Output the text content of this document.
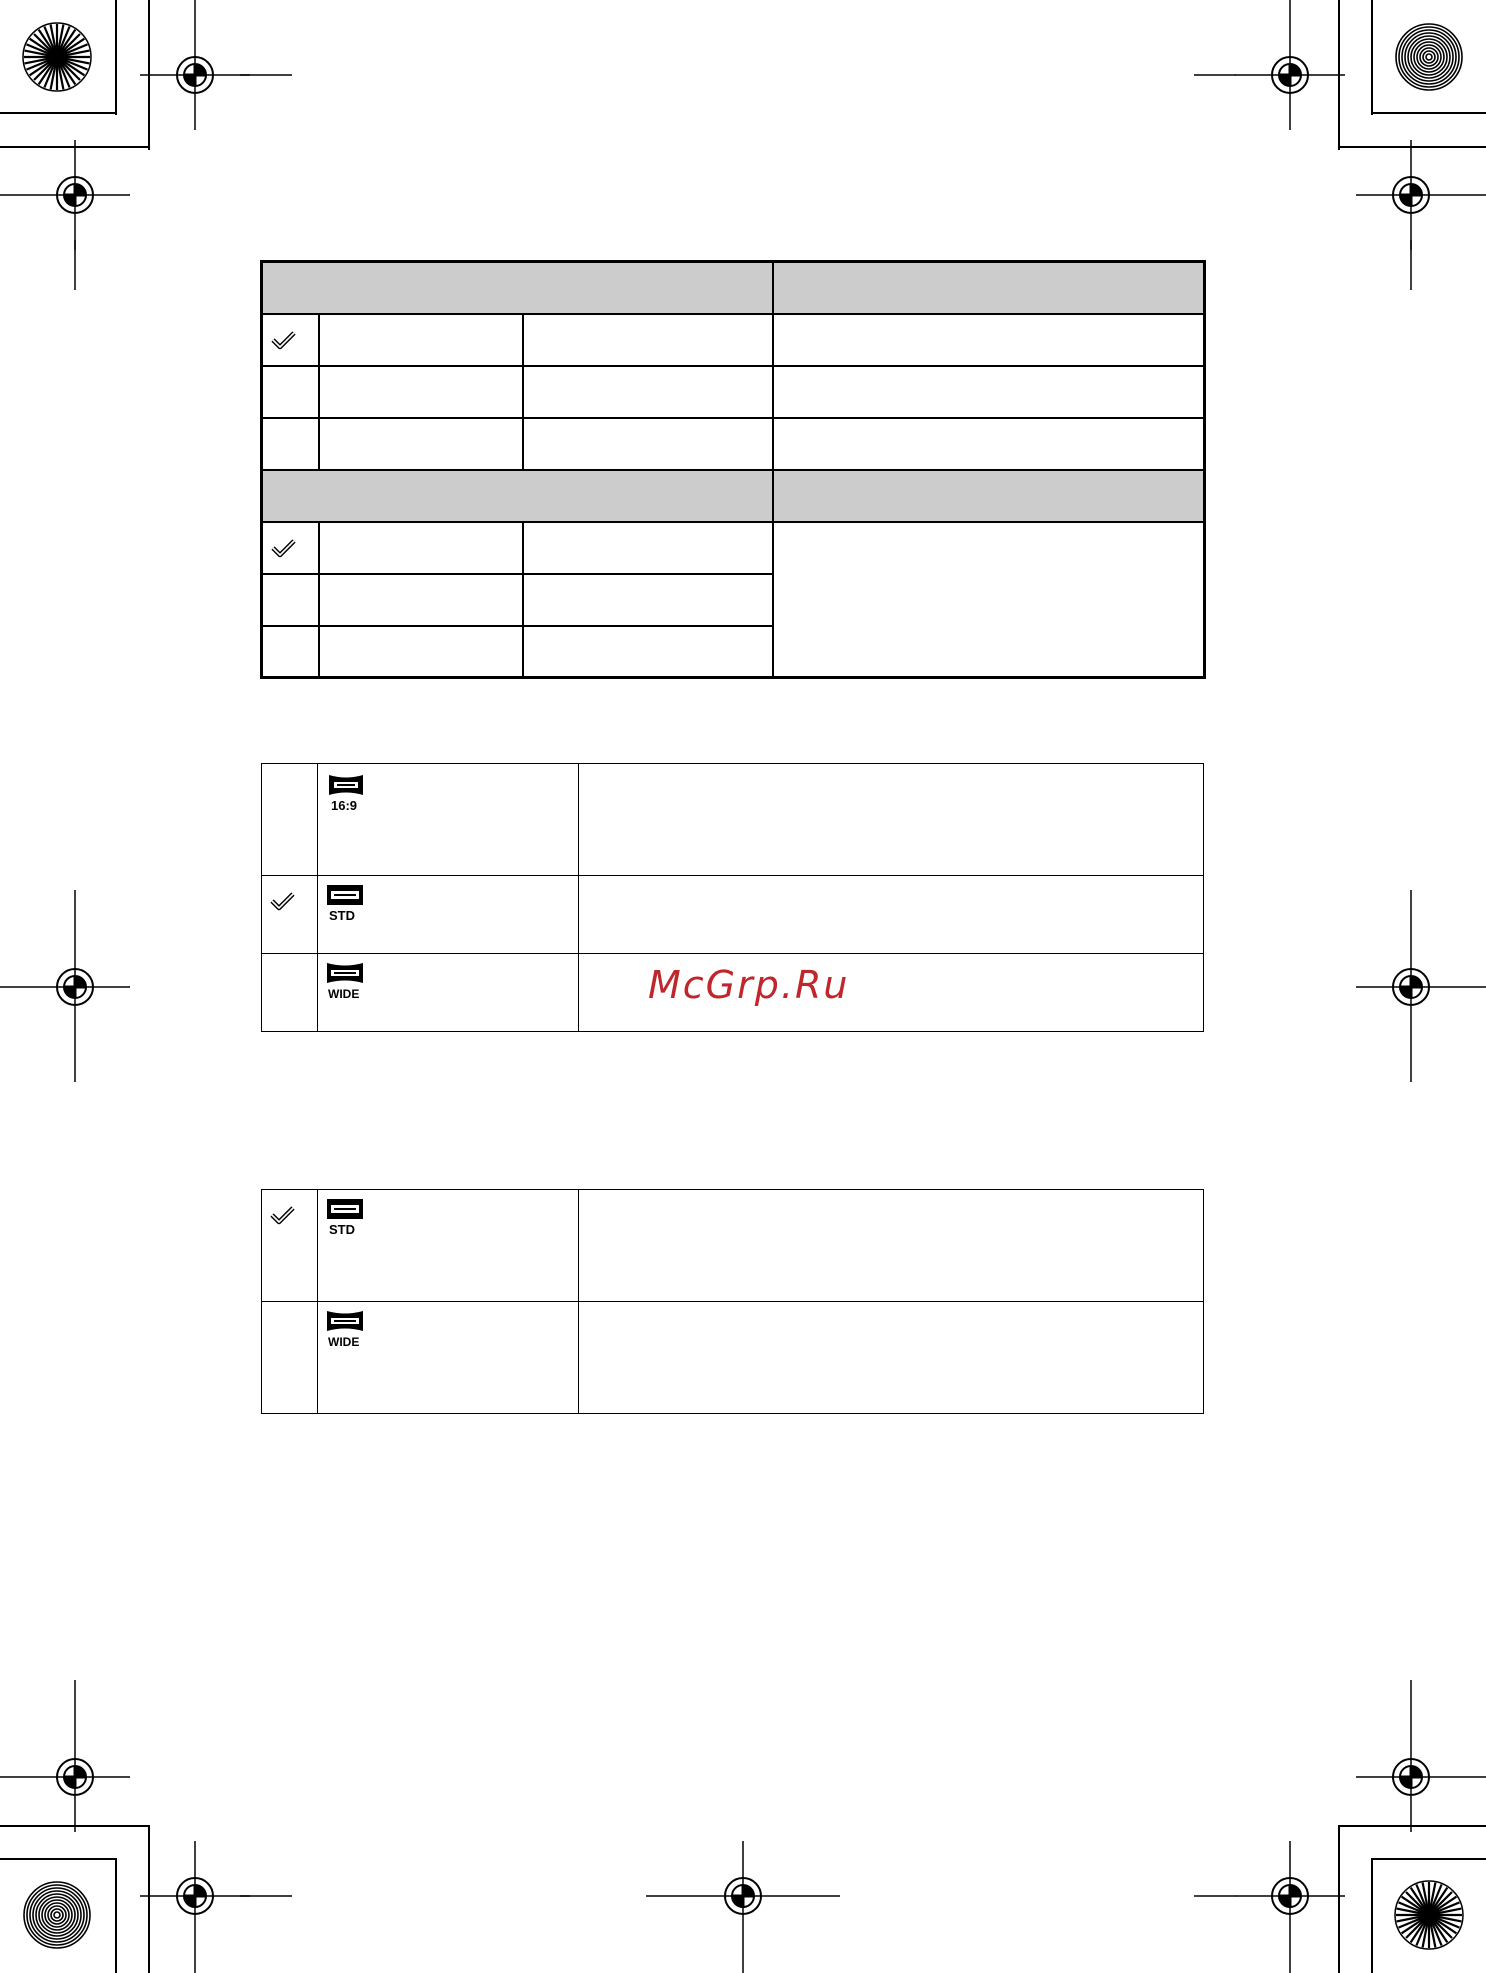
16:9	

STD	

WIDE	
		McGrp.Ru

STD	

WIDE	
